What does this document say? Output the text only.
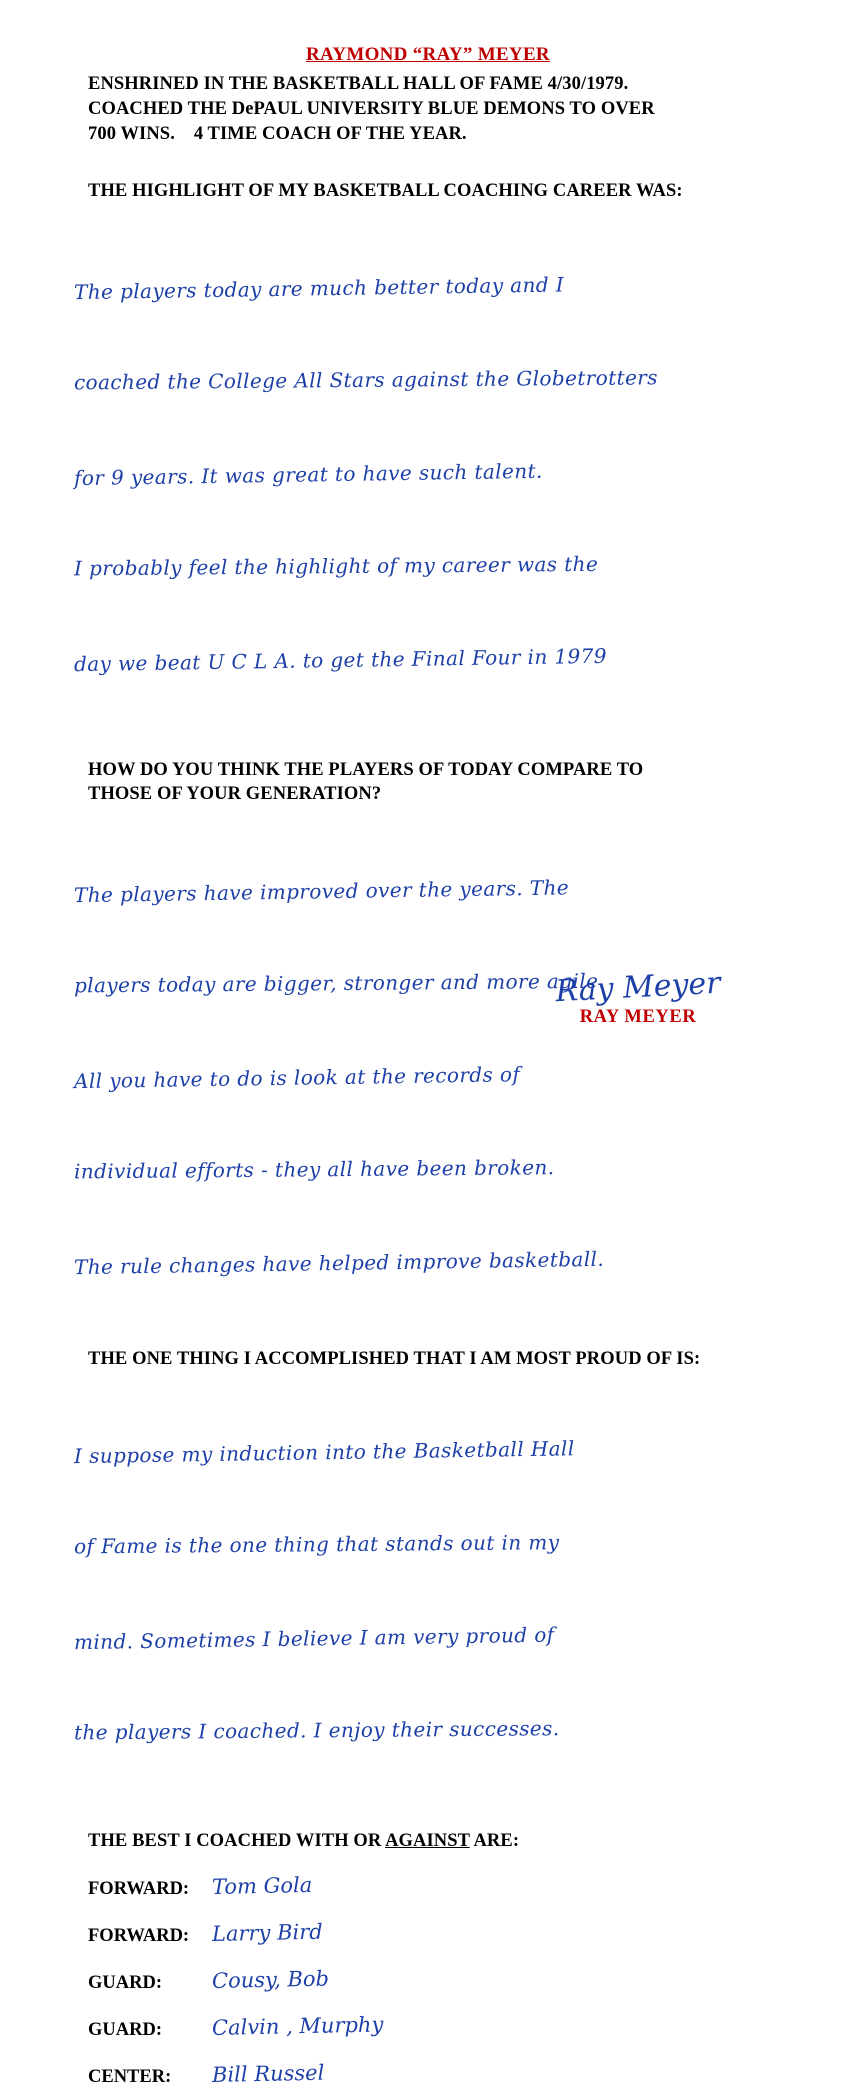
RAYMOND “RAY” MEYER
ENSHRINED IN THE BASKETBALL HALL OF FAME 4/30/1979.
COACHED THE DePAUL UNIVERSITY BLUE DEMONS TO OVER
700 WINS.    4 TIME COACH OF THE YEAR.
THE HIGHLIGHT OF MY BASKETBALL COACHING CAREER WAS:

The players today are much better today and I

coached the College All Stars against the Globetrotters

for 9 years. It was great to have such talent.

I probably feel the highlight of my career was the

day we beat U C L A. to get the Final Four in 1979

HOW DO YOU THINK THE PLAYERS OF TODAY COMPARE TO
THOSE OF YOUR GENERATION?

The players have improved over the years. The

players today are bigger, stronger and more agile.

All you have to do is look at the records of

individual efforts - they all have been broken.

The rule changes have helped improve basketball.

THE ONE THING I ACCOMPLISHED THAT I AM MOST PROUD OF IS:

I suppose my induction into the Basketball Hall

of Fame is the one thing that stands out in my

mind. Sometimes I believe I am very proud of

the players I coached. I enjoy their successes.

THE BEST I COACHED WITH OR AGAINST ARE:
FORWARD:	Tom Gola
FORWARD:	Larry Bird
GUARD:	Cousy, Bob
GUARD:	Calvin , Murphy
CENTER:	Bill Russel
Ray Meyer
RAY MEYER
